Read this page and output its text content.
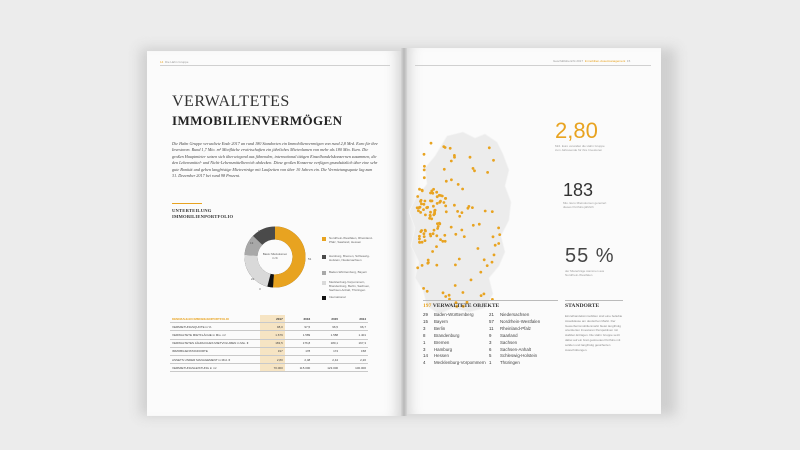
14 Die Hahn Gruppe
VERWALTETES
IMMOBILIENVERMÖGEN
Die Hahn Gruppe verwaltete Ende 2017 an rund 180 Standorten ein Immobilienvermögen von rund 2,8 Mrd. Euro für ihre Investoren. Rund 1,7 Mio. m² Mietfläche erwirtschaften ein jährliches Mietvolumen von mehr als 180 Mio. Euro. Die großen Hauptmieter setzen sich überwiegend aus führenden, international tätigen Einzelhandelskonzernen zusammen, die den Lebensmittel- und Nicht-Lebensmittelbereich abdecken. Diese großen Konzerne verfügen grundsätzlich über eine sehr gute Bonität und geben langfristige Mietverträge mit Laufzeiten von über 10 Jahren ein. Die Vermietungsquote lag zum 31. Dezember 2017 bei rund 98 Prozent.
UNTERTEILUNG
IMMOBILIENPORTFOLIO
Basis: Mietvolumen
in %
11
13
22
51
3
Nordrhein-Westfalen, Rheinland-Pfalz, Saarland, Hessen
Hamburg, Bremen, Schleswig-Holstein, Niedersachsen
Baden-Württemberg, Bayern
Mecklenburg-Vorpommern, Brandenburg, Berlin, Sachsen, Sachsen-Anhalt, Thüringen
International
KENNZAHLEN IMMOBILIENPORTFOLIO	2017	2016	2015	2014
VERMIETUNGSQUOTE in %	98,0	97,5	96,5	96,7
VERWALTETE MIETFLÄCHE in Mio. m²	1.679	1.589	1.588	1.401
VERWALTETES JÄHRLICHES MIETVOLUMEN in Mio. €	183,5	176,8	180,1	167,3
IMMOBILIENSTANDORTE	197	178	174	158
ASSETS UNDER MANAGEMENT in Mrd. €	2,80	2,48	2,44	2,20
VERMIETUNGSLEISTUNG in m²	70.000	115.000	123.000	100.000
Geschäftsbericht 2017 Immobilien-Assetmanagement  15
2,80
Mrd. Euro verwaltet die Hahn Gruppe zum Jahresende für ihre Investoren
183
Mio. Euro Mietvolumen generiert dieses Portfolio jährlich
55 %
der Mieterträge stammen aus Nordrhein-Westfalen
197 VERWALTETE OBJEKTE
29 Baden-Württemberg
15 Bayern
3 Berlin
8 Brandenburg
1 Bremen
3 Hamburg
14 Hessen
4 Mecklenburg-Vorpommern
21 Niedersachsen
57 Nordrhein-Westfalen
11 Rheinland-Pfalz
9 Saarland
3 Sachsen
6 Sachsen-Anhalt
5 Schleswig-Holstein
1 Thüringen
STANDORTE
Einzelhandelsimmobilien sind eine beliebte Assetklasse am deutschen Markt. Der Gewerbeimmobilienmarkt bietet langfristig orientierten Investoren Perspektiven mit stabilen Erträgen. Die Hahn Gruppe setzt dabei auf ein breit gestreutes Portfolio mit soliden und langfristig gesicherten Ausschüttungen.
